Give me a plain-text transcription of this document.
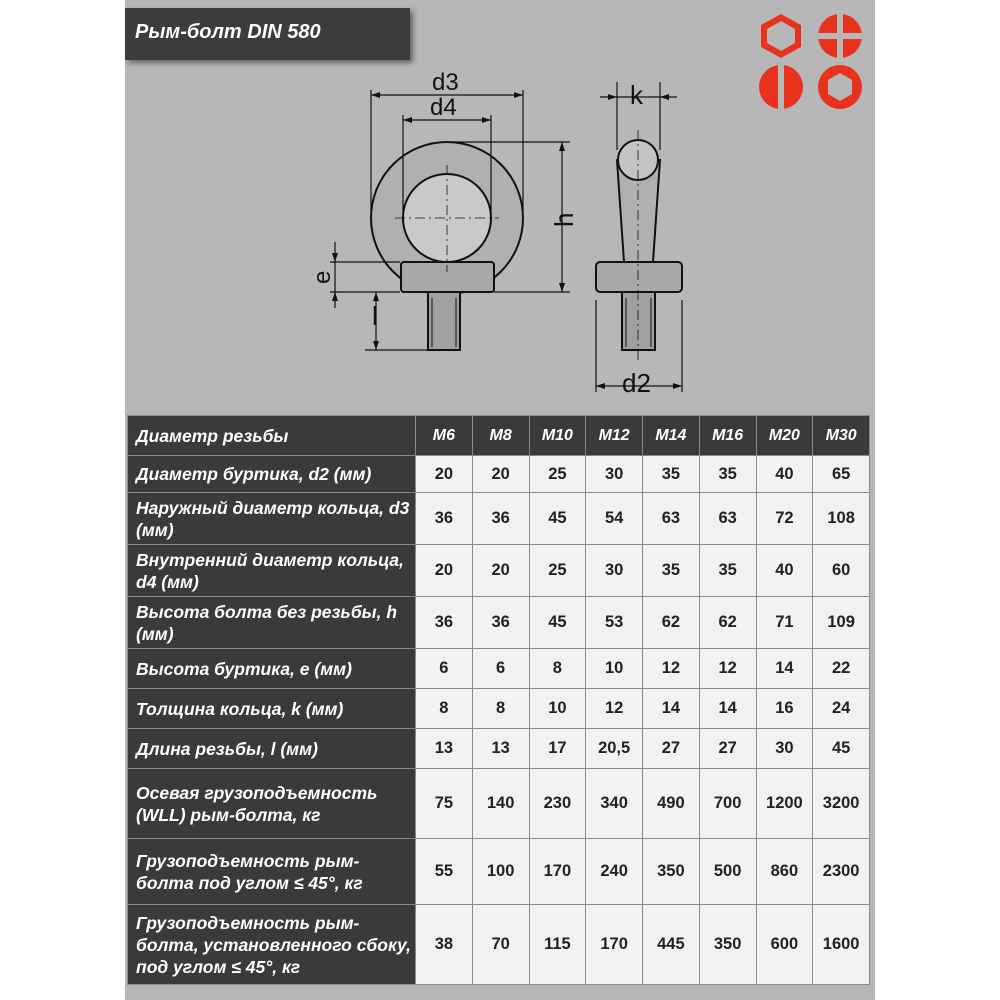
Рым-болт DIN 580
d3
d4
h
e
l
k
d2
Диаметр резьбы	M6	M8	M10	M12	M14	M16	M20	M30
Диаметр буртика, d2 (мм)	20	20	25	30	35	35	40	65
Наружный диаметр кольца, d3 (мм)	36	36	45	54	63	63	72	108
Внутренний диаметр кольца, d4 (мм)	20	20	25	30	35	35	40	60
Высота болта без резьбы, h (мм)	36	36	45	53	62	62	71	109
Высота буртика, e (мм)	6	6	8	10	12	12	14	22
Толщина кольца, k (мм)	8	8	10	12	14	14	16	24
Длина резьбы, l (мм)	13	13	17	20,5	27	27	30	45
Осевая грузоподъемность (WLL) рым-болта, кг	75	140	230	340	490	700	1200	3200
Грузоподъемность рым-болта под углом ≤ 45°, кг	55	100	170	240	350	500	860	2300
Грузоподъемность рым-болта, установленного сбоку, под углом ≤ 45°, кг	38	70	115	170	445	350	600	1600
